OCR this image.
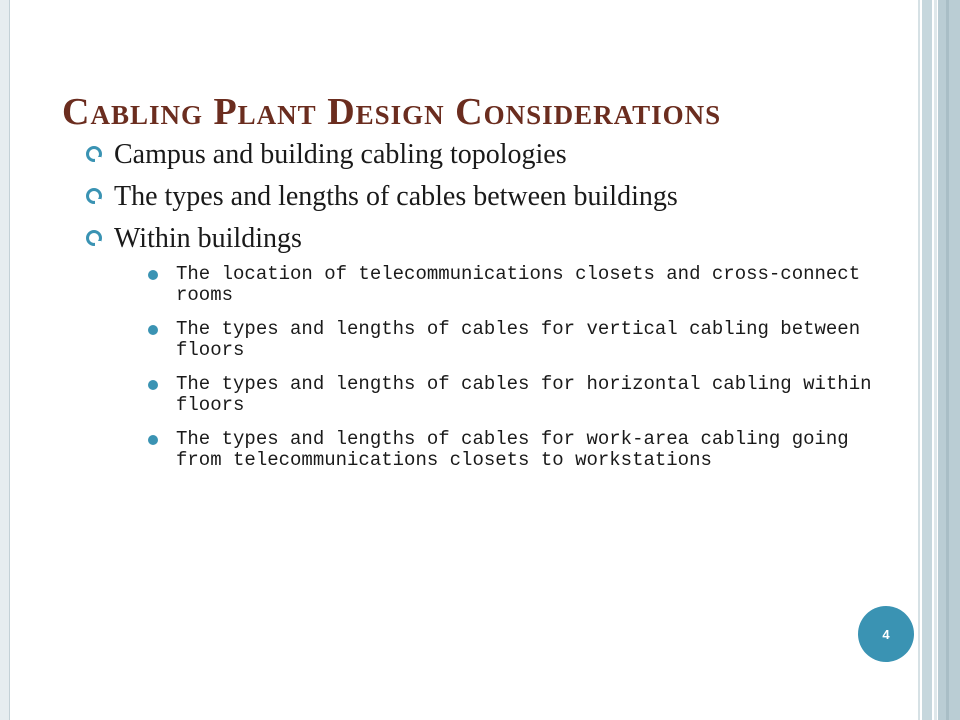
Cabling Plant Design Considerations
Campus and building cabling topologies
The types and lengths of cables between buildings
Within buildings
The location of telecommunications closets and cross-connect rooms
The types and lengths of cables for vertical cabling between floors
The types and lengths of cables for horizontal cabling within floors
The types and lengths of cables for work-area cabling going from telecommunications closets to workstations
4
